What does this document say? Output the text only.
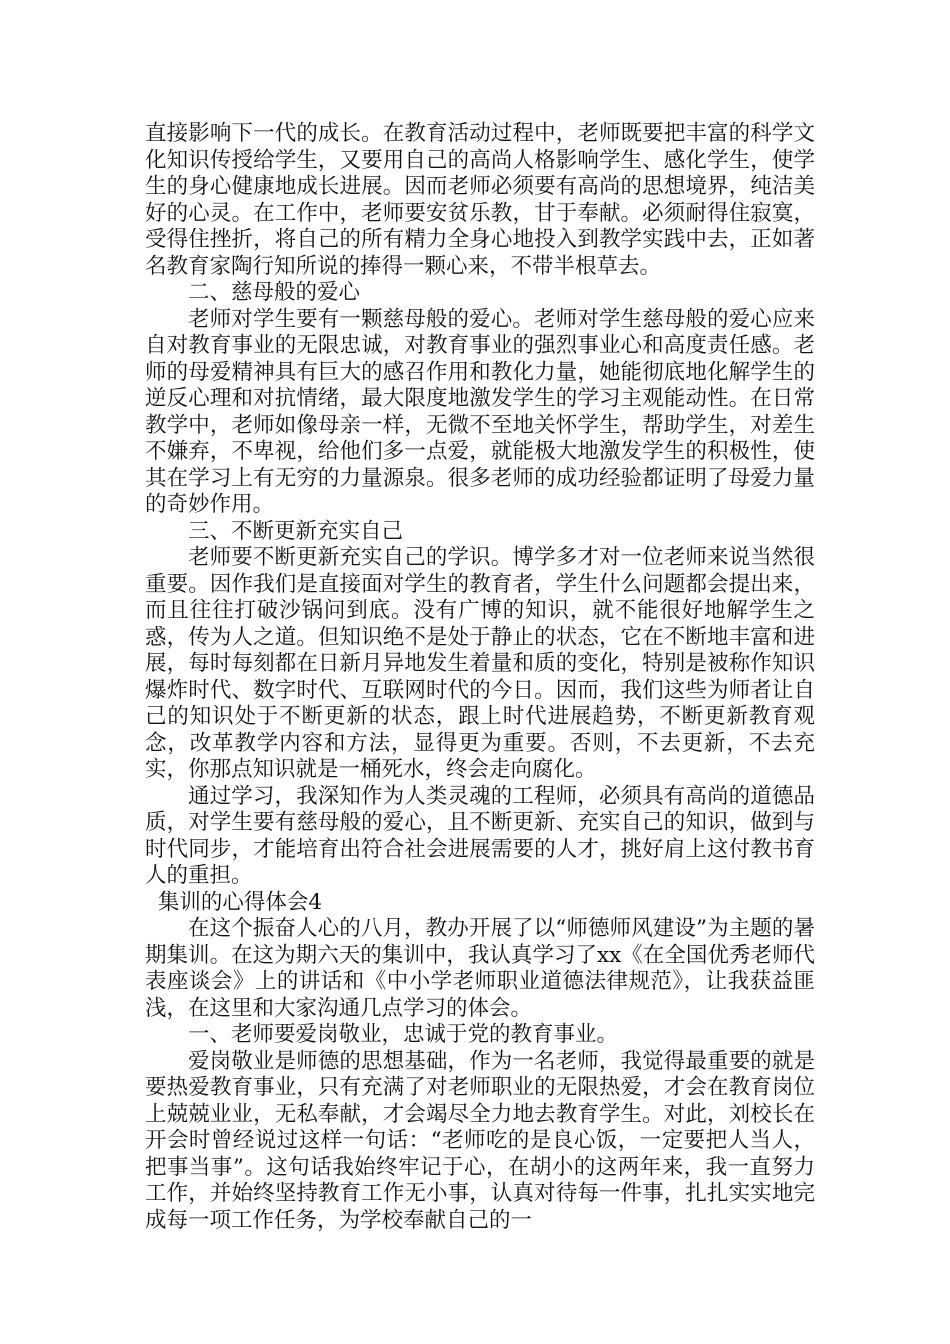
直接影响下一代的成长。在教育活动过程中，老师既要把丰富的科学文化知识传授给学生，又要用自己的高尚人格影响学生、感化学生，使学生的身心健康地成长进展。因而老师必须要有高尚的思想境界，纯洁美好的心灵。在工作中，老师要安贫乐教，甘于奉献。必须耐得住寂寞，受得住挫折，将自己的所有精力全身心地投入到教学实践中去，正如著名教育家陶行知所说的捧得一颗心来，不带半根草去。

二、慈母般的爱心

老师对学生要有一颗慈母般的爱心。老师对学生慈母般的爱心应来自对教育事业的无限忠诚，对教育事业的强烈事业心和高度责任感。老师的母爱精神具有巨大的感召作用和教化力量，她能彻底地化解学生的逆反心理和对抗情绪，最大限度地激发学生的学习主观能动性。在日常教学中，老师如像母亲一样，无微不至地关怀学生，帮助学生，对差生不嫌弃，不卑视，给他们多一点爱，就能极大地激发学生的积极性，使其在学习上有无穷的力量源泉。很多老师的成功经验都证明了母爱力量的奇妙作用。

三、不断更新充实自己

老师要不断更新充实自己的学识。博学多才对一位老师来说当然很重要。因作我们是直接面对学生的教育者，学生什么问题都会提出来，而且往往打破沙锅问到底。没有广博的知识，就不能很好地解学生之惑，传为人之道。但知识绝不是处于静止的状态，它在不断地丰富和进展，每时每刻都在日新月异地发生着量和质的变化，特别是被称作知识爆炸时代、数字时代、互联网时代的今日。因而，我们这些为师者让自己的知识处于不断更新的状态，跟上时代进展趋势，不断更新教育观念，改革教学内容和方法，显得更为重要。否则，不去更新，不去充实，你那点知识就是一桶死水，终会走向腐化。

通过学习，我深知作为人类灵魂的工程师，必须具有高尚的道德品质，对学生要有慈母般的爱心，且不断更新、充实自己的知识，做到与时代同步，才能培育出符合社会进展需要的人才，挑好肩上这付教书育人的重担。

集训的心得体会4

在这个振奋人心的八月，教办开展了以“师德师风建设”为主题的暑期集训。在这为期六天的集训中，我认真学习了xx《在全国优秀老师代表座谈会》上的讲话和《中小学老师职业道德法律规范》，让我获益匪浅，在这里和大家沟通几点学习的体会。

一、老师要爱岗敬业，忠诚于党的教育事业。

爱岗敬业是师德的思想基础，作为一名老师，我觉得最重要的就是要热爱教育事业，只有充满了对老师职业的无限热爱，才会在教育岗位上兢兢业业，无私奉献，才会竭尽全力地去教育学生。对此，刘校长在开会时曾经说过这样一句话：“老师吃的是良心饭，一定要把人当人，把事当事”。这句话我始终牢记于心，在胡小的这两年来，我一直努力工作，并始终坚持教育工作无小事，认真对待每一件事，扎扎实实地完成每一项工作任务，为学校奉献自己的一
